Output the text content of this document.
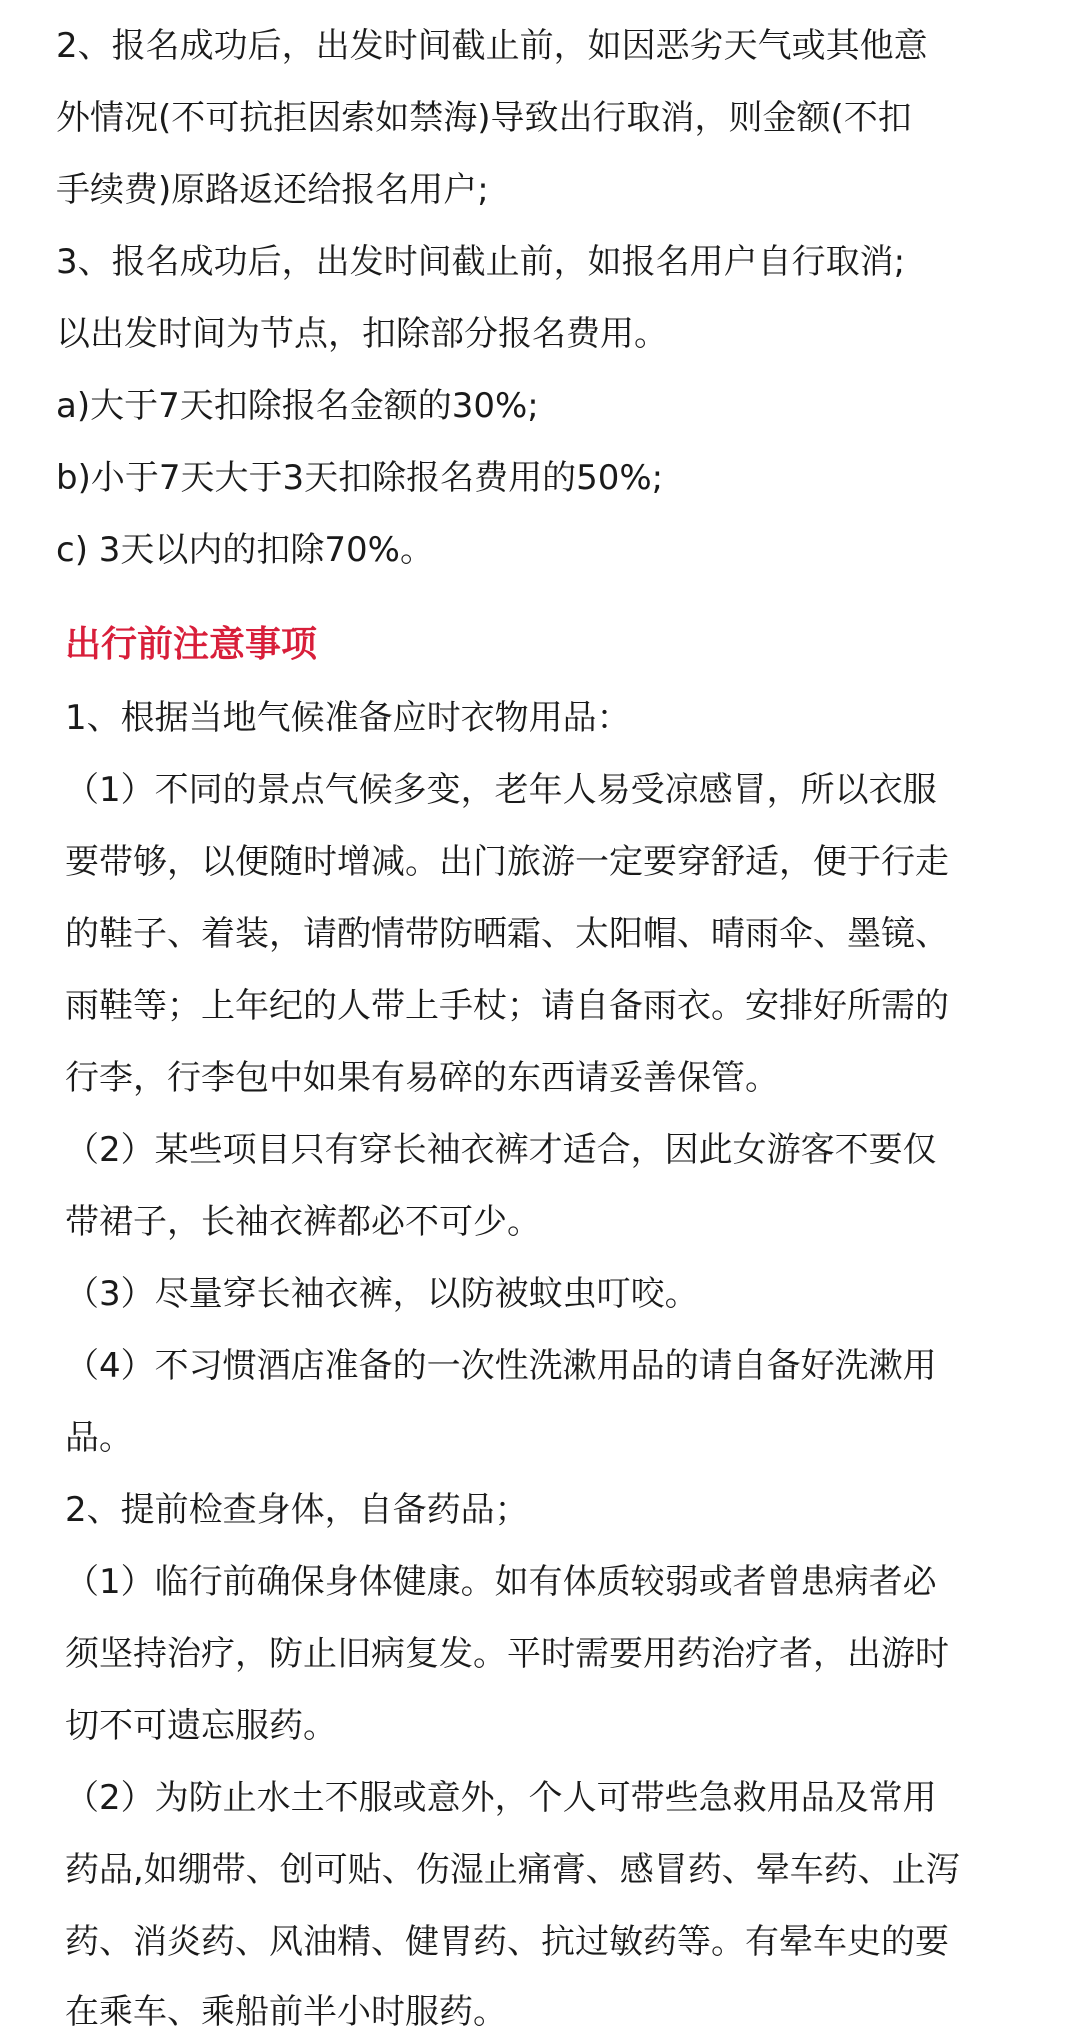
2、报名成功后，出发时间截止前，如因恶劣天气或其他意
外情况(不可抗拒因索如禁海)导致出行取消，则金额(不扣
手续费)原路返还给报名用户;
3、报名成功后，出发时间截止前，如报名用户自行取消;
以出发时间为节点，扣除部分报名费用。
a)大于7天扣除报名金额的30%;
b)小于7天大于3天扣除报名费用的50%;
c) 3天以内的扣除70%。
出行前注意事项
1、根据当地气候准备应时衣物用品：
（1）不同的景点气候多变，老年人易受凉感冒，所以衣服
要带够，以便随时增减。出门旅游一定要穿舒适，便于行走
的鞋子、着装，请酌情带防晒霜、太阳帽、晴雨伞、墨镜、
雨鞋等；上年纪的人带上手杖；请自备雨衣。安排好所需的
行李，行李包中如果有易碎的东西请妥善保管。
（2）某些项目只有穿长袖衣裤才适合，因此女游客不要仅
带裙子，长袖衣裤都必不可少。
（3）尽量穿长袖衣裤，以防被蚊虫叮咬。
（4）不习惯酒店准备的一次性洗漱用品的请自备好洗漱用
品。
2、提前检查身体，自备药品；
（1）临行前确保身体健康。如有体质较弱或者曾患病者必
须坚持治疗，防止旧病复发。平时需要用药治疗者，出游时
切不可遗忘服药。
（2）为防止水土不服或意外，个人可带些急救用品及常用
药品,如绷带、创可贴、伤湿止痛膏、感冒药、晕车药、止泻
药、消炎药、风油精、健胃药、抗过敏药等。有晕车史的要
在乘车、乘船前半小时服药。
